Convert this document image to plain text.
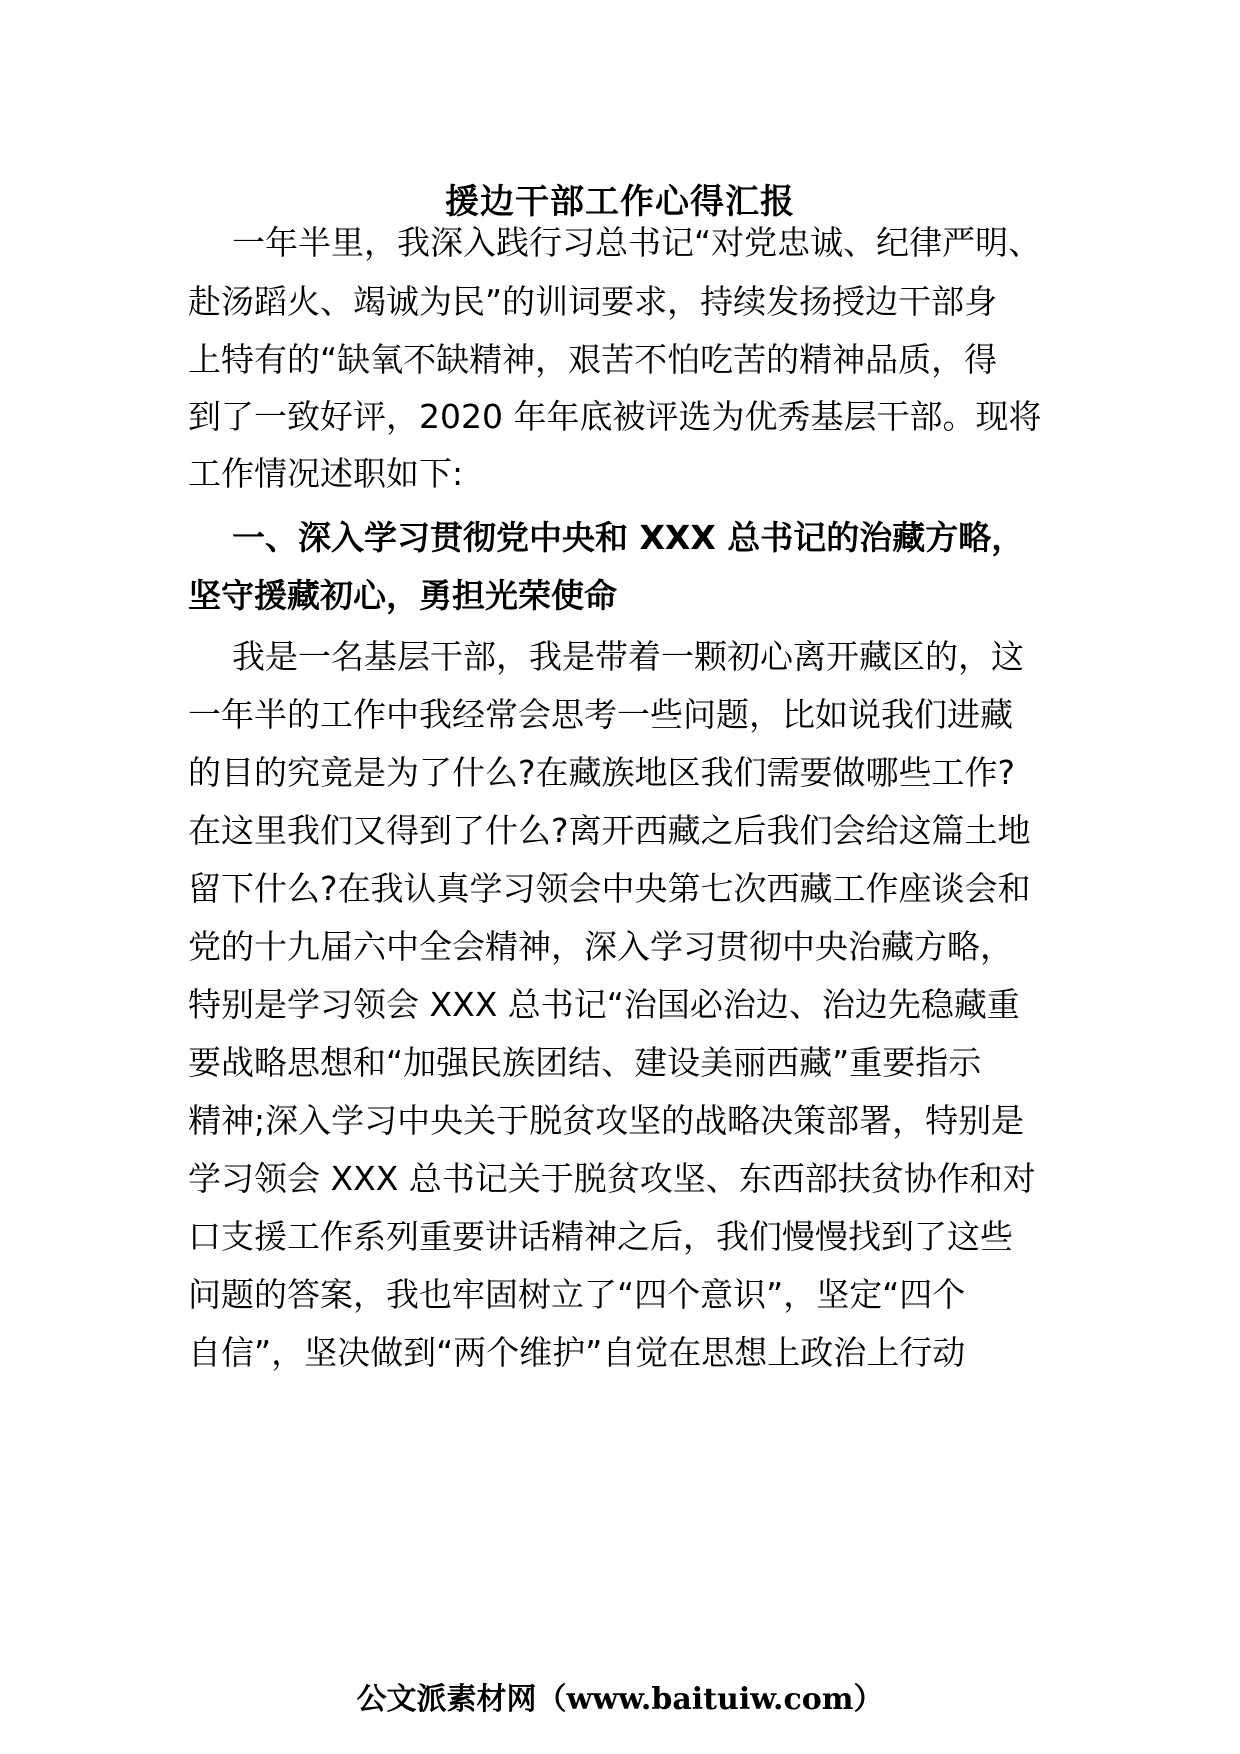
援边干部工作心得汇报
一年半里，我深入践行习总书记“对党忠诚、纪律严明、
赴汤蹈火、竭诚为民”的训词要求，持续发扬授边干部身
上特有的“缺氧不缺精神，艰苦不怕吃苦的精神品质，得
到了一致好评，2020 年年底被评选为优秀基层干部。现将
工作情况述职如下:
一、深入学习贯彻党中央和 XXX 总书记的治藏方略，
坚守援藏初心，勇担光荣使命
我是一名基层干部，我是带着一颗初心离开藏区的，这
一年半的工作中我经常会思考一些问题，比如说我们进藏
的目的究竟是为了什么?在藏族地区我们需要做哪些工作?
在这里我们又得到了什么?离开西藏之后我们会给这篇土地
留下什么?在我认真学习领会中央第七次西藏工作座谈会和
党的十九届六中全会精神，深入学习贯彻中央治藏方略，
特别是学习领会 XXX 总书记“治国必治边、治边先稳藏重
要战略思想和“加强民族团结、建设美丽西藏”重要指示
精神;深入学习中央关于脱贫攻坚的战略决策部署，特别是
学习领会 XXX 总书记关于脱贫攻坚、东西部扶贫协作和对
口支援工作系列重要讲话精神之后，我们慢慢找到了这些
问题的答案，我也牢固树立了“四个意识”，坚定“四个
自信”，坚决做到“两个维护”自觉在思想上政治上行动
公文派素材网（www.baituiw.com）
